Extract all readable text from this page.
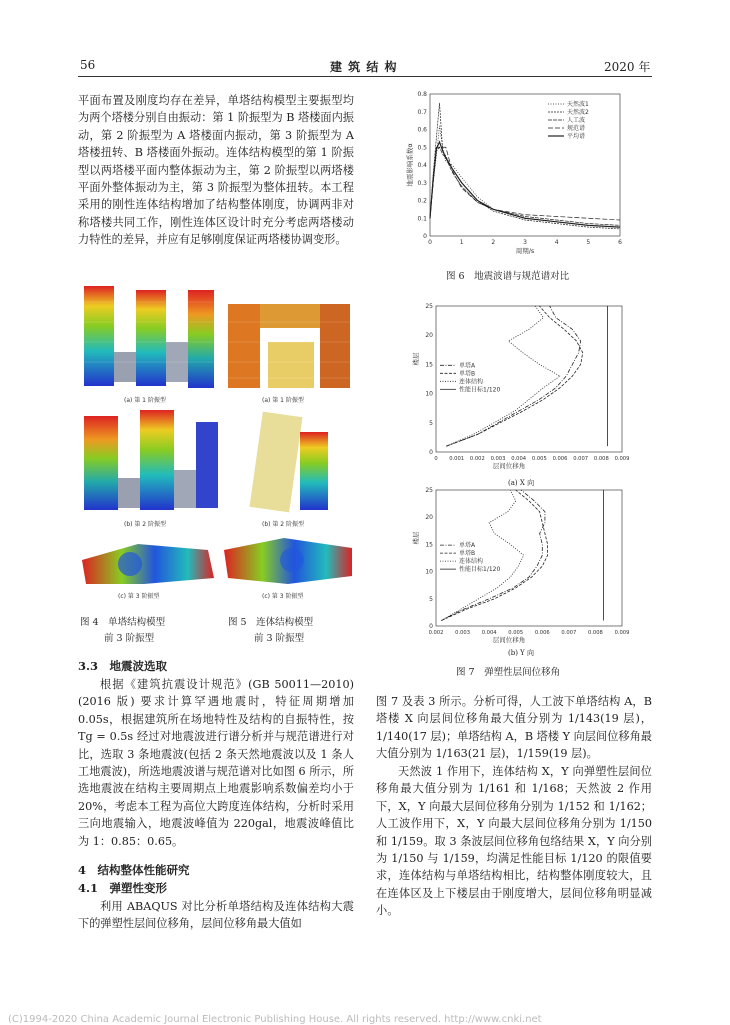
56	建 筑 结 构	2020 年
平面布置及刚度均存在差异，单塔结构模型主要振型均为两个塔楼分别自由振动：第 1 阶振型为 B 塔楼面内振动，第 2 阶振型为 A 塔楼面内振动，第 3 阶振型为 A 塔楼扭转、B 塔楼面外振动。连体结构模型的第 1 阶振型以两塔楼平面内整体振动为主，第 2 阶振型以两塔楼平面外整体振动为主，第 3 阶振型为整体扭转。本工程采用的刚性连体结构增加了结构整体刚度，协调两非对称塔楼共同工作，刚性连体区设计时充分考虑两塔楼动力特性的差异，并应有足够刚度保证两塔楼协调变形。
(a) 第 1 阶振型	(a) 第 1 阶振型
(b) 第 2 阶振型	(b) 第 2 阶振型
(c) 第 3 阶振型	(c) 第 3 阶振型
图 4　单塔结构模型
前 3 阶振型
图 5　连体结构模型
前 3 阶振型
3.3　地震波选取
根据《建筑抗震设计规范》(GB 50011—2010)(2016 版) 要求计算罕遇地震时，特征周期增加 0.05s，根据建筑所在场地特性及结构的自振特性，按 Tg = 0.5s 经过对地震波进行谱分析并与规范谱进行对比，选取 3 条地震波(包括 2 条天然地震波以及 1 条人工地震波)，所选地震波谱与规范谱对比如图 6 所示，所选地震波在结构主要周期点上地震影响系数偏差均小于 20%，考虑本工程为高位大跨度连体结构，分析时采用三向地震输入，地震波峰值为 220gal，地震波峰值比为 1：0.85：0.65。
4　结构整体性能研究
4.1　弹塑性变形
利用 ABAQUS 对比分析单塔结构及连体结构大震下的弹塑性层间位移角，层间位移角最大值如
0
0.1
0.2
0.3
0.4
0.5
0.6
0.7
0.8
0	1	2	3	4	5	6
周期/s
地震影响系数α
天然波1
天然波2
人工波
规范谱
平均谱
图 6　地震波谱与规范谱对比
0
5
10
15
20
25
0 0.001 0.002 0.003 0.004 0.005 0.006 0.007 0.008 0.009
层间位移角
楼层
单塔A
单塔B
连体结构
性能目标1/120
(a) X 向
0
5
10
15
20
25
0.002 0.003 0.004 0.005 0.006 0.007 0.008 0.009
层间位移角
楼层
单塔A
单塔B
连体结构
性能目标1/120
(b) Y 向
图 7　弹塑性层间位移角
图 7 及表 3 所示。分析可得，人工波下单塔结构 A，B 塔楼 X 向层间位移角最大值分别为 1/143(19 层)，1/140(17 层)；单塔结构 A，B 塔楼 Y 向层间位移角最大值分别为 1/163(21 层)，1/159(19 层)。
天然波 1 作用下，连体结构 X，Y 向弹塑性层间位移角最大值分别为 1/161 和 1/168；天然波 2 作用下，X，Y 向最大层间位移角分别为 1/152 和 1/162；人工波作用下，X，Y 向最大层间位移角分别为 1/150 和 1/159。取 3 条波层间位移角包络结果 X，Y 向分别为 1/150 与 1/159，均满足性能目标 1/120 的限值要求，连体结构与单塔结构相比，结构整体刚度较大，且在连体区及上下楼层由于刚度增大，层间位移角明显减小。
(C)1994-2020 China Academic Journal Electronic Publishing House. All rights reserved. http://www.cnki.net
